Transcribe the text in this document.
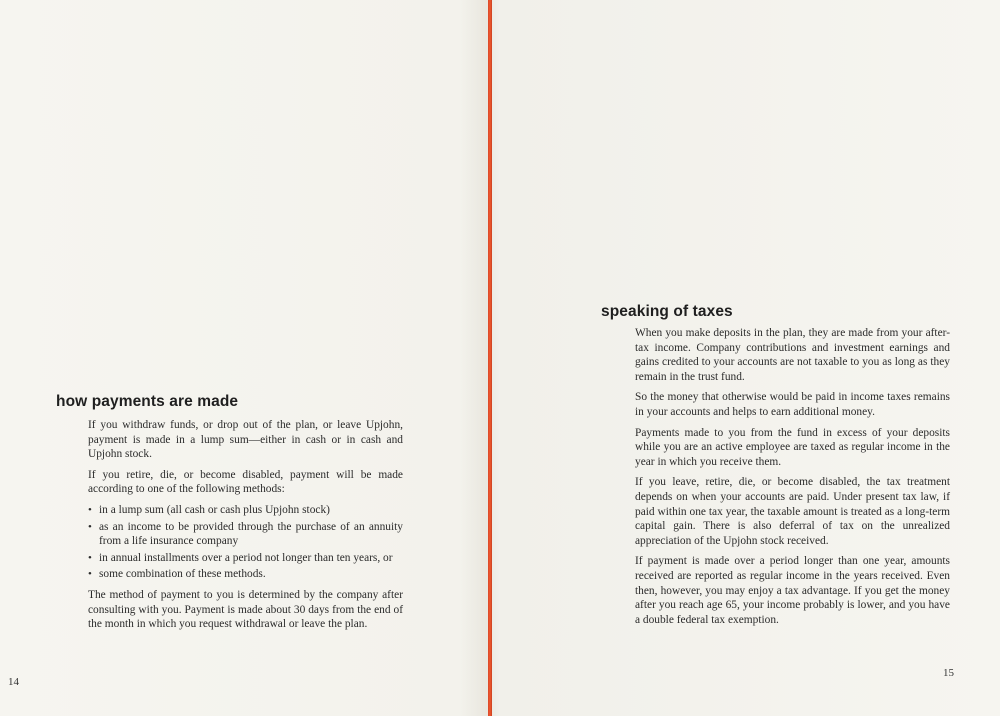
how payments are made

If you withdraw funds, or drop out of the plan, or leave Upjohn, payment is made in a lump sum—either in cash or in cash and Upjohn stock.

If you retire, die, or become disabled, payment will be made according to one of the following methods:

• in a lump sum (all cash or cash plus Upjohn stock)
• as an income to be provided through the purchase of an annuity from a life insurance company
• in annual installments over a period not longer than ten years, or
• some combination of these methods.

The method of payment to you is determined by the company after consulting with you. Payment is made about 30 days from the end of the month in which you request withdrawal or leave the plan.

14
speaking of taxes

When you make deposits in the plan, they are made from your after-tax income. Company contributions and investment earnings and gains credited to your accounts are not taxable to you as long as they remain in the trust fund.

So the money that otherwise would be paid in income taxes remains in your accounts and helps to earn additional money.

Payments made to you from the fund in excess of your deposits while you are an active employee are taxed as regular income in the year in which you receive them.

If you leave, retire, die, or become disabled, the tax treatment depends on when your accounts are paid. Under present tax law, if paid within one tax year, the taxable amount is treated as a long-term capital gain. There is also deferral of tax on the unrealized appreciation of the Upjohn stock received.

If payment is made over a period longer than one year, amounts received are reported as regular income in the years received. Even then, however, you may enjoy a tax advantage. If you get the money after you reach age 65, your income probably is lower, and you have a double federal tax exemption.

15
